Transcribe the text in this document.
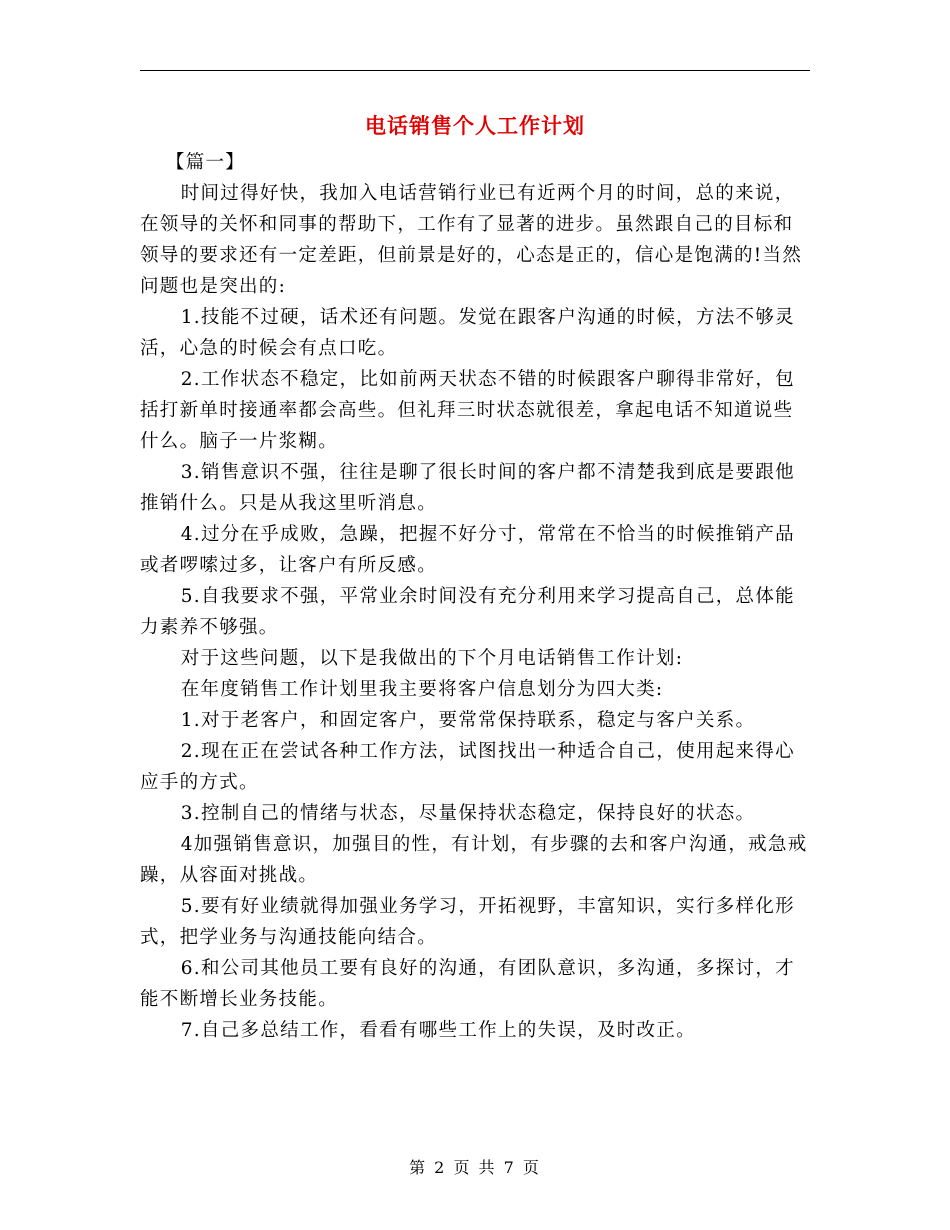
电话销售个人工作计划

【篇一】

时间过得好快，我加入电话营销行业已有近两个月的时间，总的来说，在领导的关怀和同事的帮助下，工作有了显著的进步。虽然跟自己的目标和领导的要求还有一定差距，但前景是好的，心态是正的，信心是饱满的!当然问题也是突出的:

1.技能不过硬，话术还有问题。发觉在跟客户沟通的时候，方法不够灵活，心急的时候会有点口吃。

2.工作状态不稳定，比如前两天状态不错的时候跟客户聊得非常好，包括打新单时接通率都会高些。但礼拜三时状态就很差，拿起电话不知道说些什么。脑子一片浆糊。

3.销售意识不强，往往是聊了很长时间的客户都不清楚我到底是要跟他推销什么。只是从我这里听消息。

4.过分在乎成败，急躁，把握不好分寸，常常在不恰当的时候推销产品或者啰嗦过多，让客户有所反感。

5.自我要求不强，平常业余时间没有充分利用来学习提高自己，总体能力素养不够强。

对于这些问题，以下是我做出的下个月电话销售工作计划:

在年度销售工作计划里我主要将客户信息划分为四大类:

1.对于老客户，和固定客户，要常常保持联系，稳定与客户关系。

2.现在正在尝试各种工作方法，试图找出一种适合自己，使用起来得心应手的方式。

3.控制自己的情绪与状态，尽量保持状态稳定，保持良好的状态。

4加强销售意识，加强目的性，有计划，有步骤的去和客户沟通，戒急戒躁，从容面对挑战。

5.要有好业绩就得加强业务学习，开拓视野，丰富知识，实行多样化形式，把学业务与沟通技能向结合。

6.和公司其他员工要有良好的沟通，有团队意识，多沟通，多探讨，才能不断增长业务技能。

7.自己多总结工作，看看有哪些工作上的失误，及时改正。

第 2 页 共 7 页
